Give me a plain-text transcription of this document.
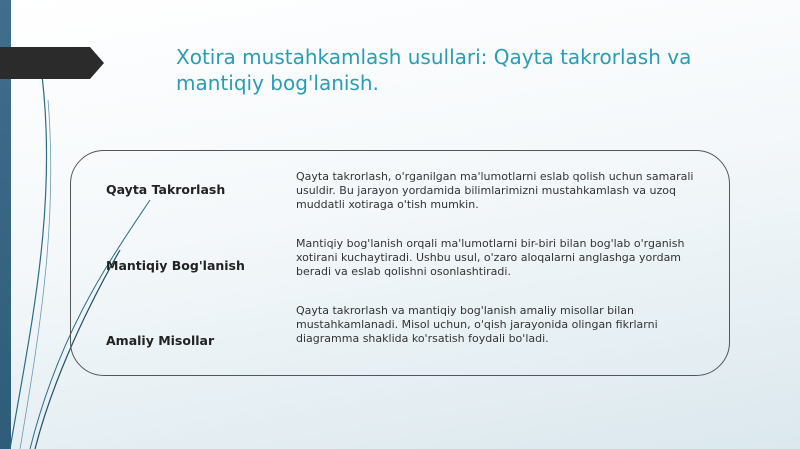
Xotira mustahkamlash usullari: Qayta takrorlash va mantiqiy bog'lanish.
Qayta Takrorlash
Qayta takrorlash, o'rganilgan ma'lumotlarni eslab qolish uchun samarali usuldir. Bu jarayon yordamida bilimlarimizni mustahkamlash va uzoq muddatli xotiraga o'tish mumkin.
Mantiqiy Bog'lanish
Mantiqiy bog'lanish orqali ma'lumotlarni bir-biri bilan bog'lab o'rganish xotirani kuchaytiradi. Ushbu usul, o'zaro aloqalarni anglashga yordam beradi va eslab qolishni osonlashtiradi.
Amaliy Misollar
Qayta takrorlash va mantiqiy bog'lanish amaliy misollar bilan mustahkamlanadi. Misol uchun, o'qish jarayonida olingan fikrlarni diagramma shaklida ko'rsatish foydali bo'ladi.
